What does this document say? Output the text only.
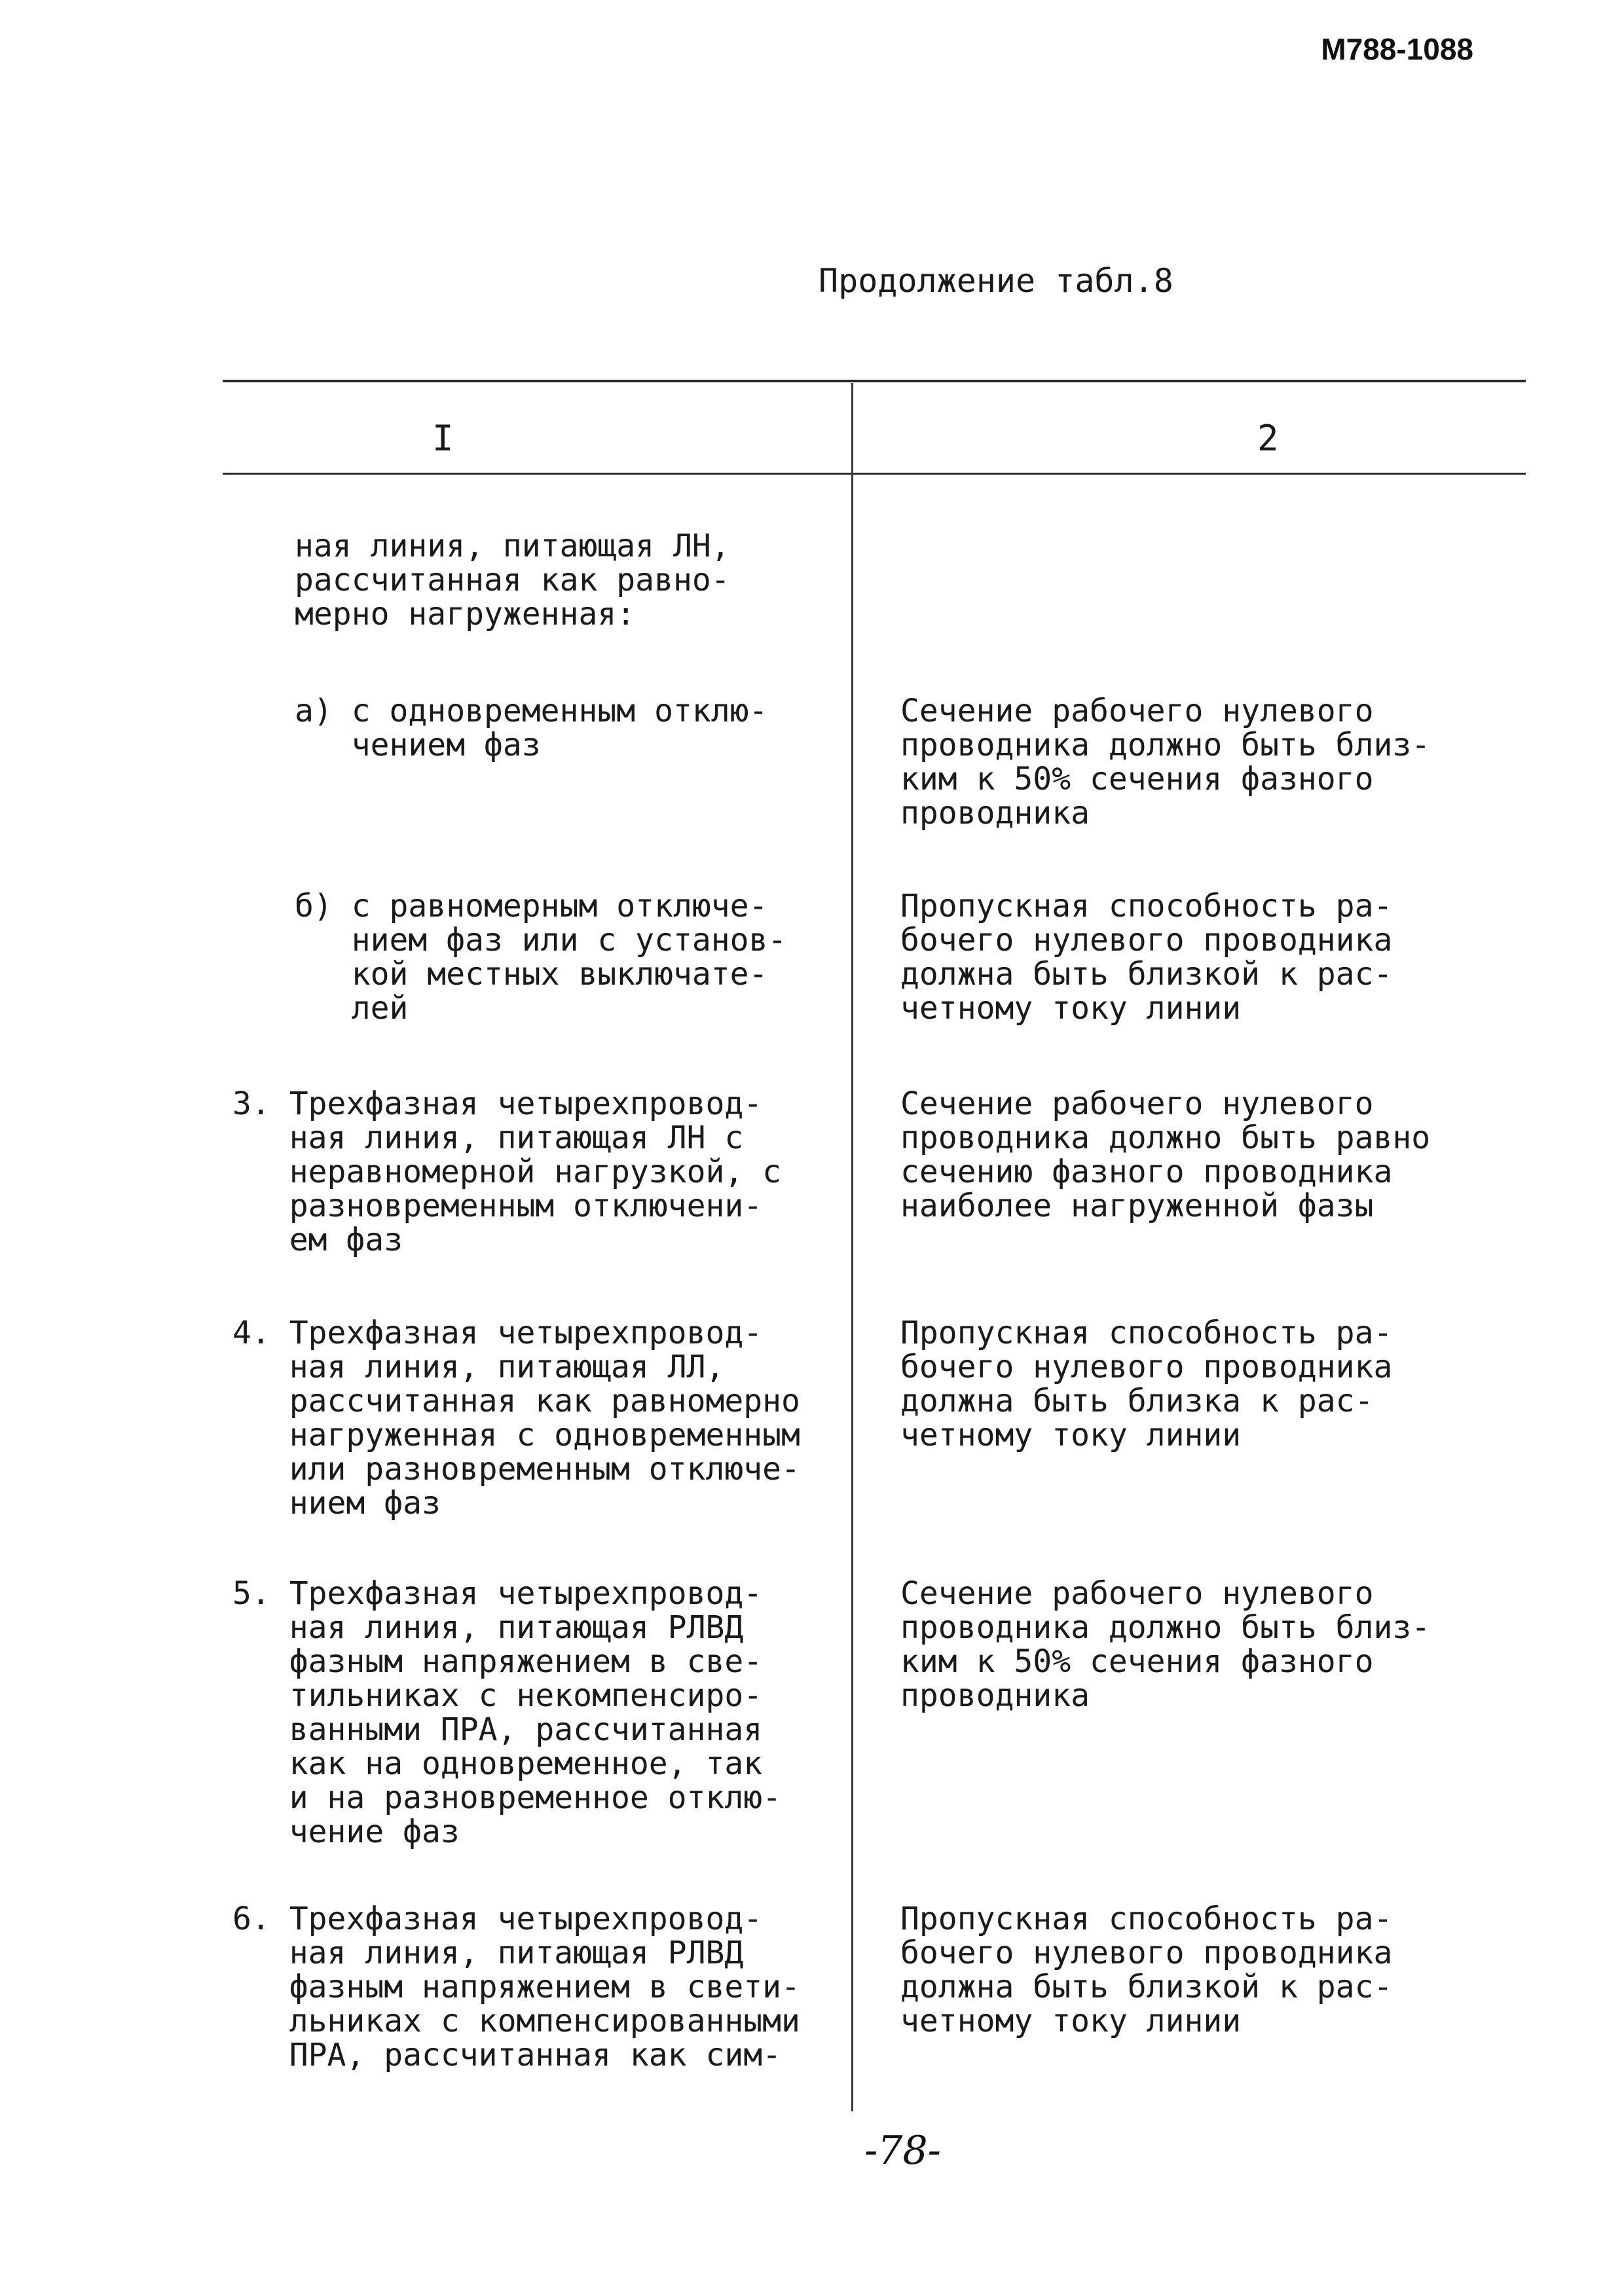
М788-1088
Продолжение табл.8
I	2
ная линия, питающая ЛН,
рассчитанная как равно-
мерно нагруженная:
а) с одновременным отклю-
чением фаз
Сечение рабочего нулевого
проводника должно быть близ-
ким к 50% сечения фазного
проводника
б) с равномерным отключе-
нием фаз или с установ-
кой местных выключате-
лей
Пропускная способность ра-
бочего нулевого проводника
должна быть близкой к рас-
четному току линии
3. Трехфазная четырехпровод-
ная линия, питающая ЛН с
неравномерной нагрузкой, с
разновременным отключени-
ем фаз
Сечение рабочего нулевого
проводника должно быть равно
сечению фазного проводника
наиболее нагруженной фазы
4. Трехфазная четырехпровод-
ная линия, питающая ЛЛ,
рассчитанная как равномерно
нагруженная с одновременным
или разновременным отключе-
нием фаз
Пропускная способность ра-
бочего нулевого проводника
должна быть близка к рас-
четному току линии
5. Трехфазная четырехпровод-
ная линия, питающая РЛВД
фазным напряжением в све-
тильниках с некомпенсиро-
ванными ПРА, рассчитанная
как на одновременное, так
и на разновременное отклю-
чение фаз
Сечение рабочего нулевого
проводника должно быть близ-
ким к 50% сечения фазного
проводника
6. Трехфазная четырехпровод-
ная линия, питающая РЛВД
фазным напряжением в свети-
льниках с компенсированными
ПРА, рассчитанная как сим-
Пропускная способность ра-
бочего нулевого проводника
должна быть близкой к рас-
четному току линии
-78-
